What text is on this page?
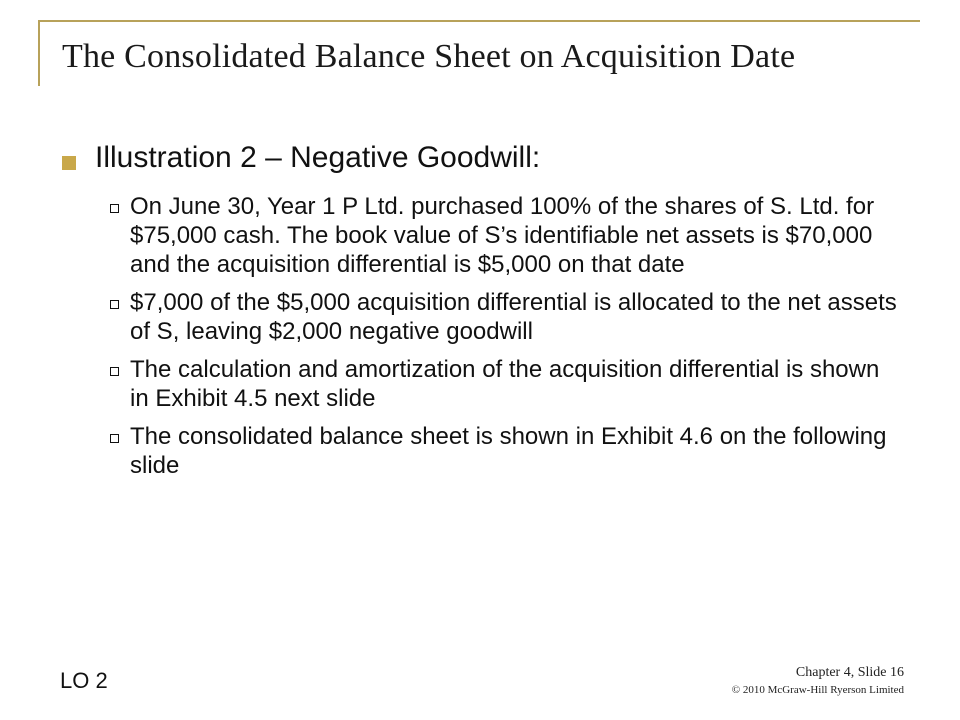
The Consolidated Balance Sheet on Acquisition Date
Illustration 2 – Negative Goodwill:
On June 30, Year 1 P Ltd. purchased 100% of the shares of S. Ltd. for $75,000 cash. The book value of S’s identifiable net assets is $70,000 and the acquisition differential is $5,000 on that date
$7,000 of the $5,000 acquisition differential is allocated to the net assets of S, leaving $2,000 negative goodwill
The calculation and amortization of the acquisition differential is shown in Exhibit 4.5 next slide
The consolidated balance sheet is shown in Exhibit 4.6 on the following slide
LO 2	Chapter 4, Slide 16
© 2010 McGraw-Hill Ryerson Limited
